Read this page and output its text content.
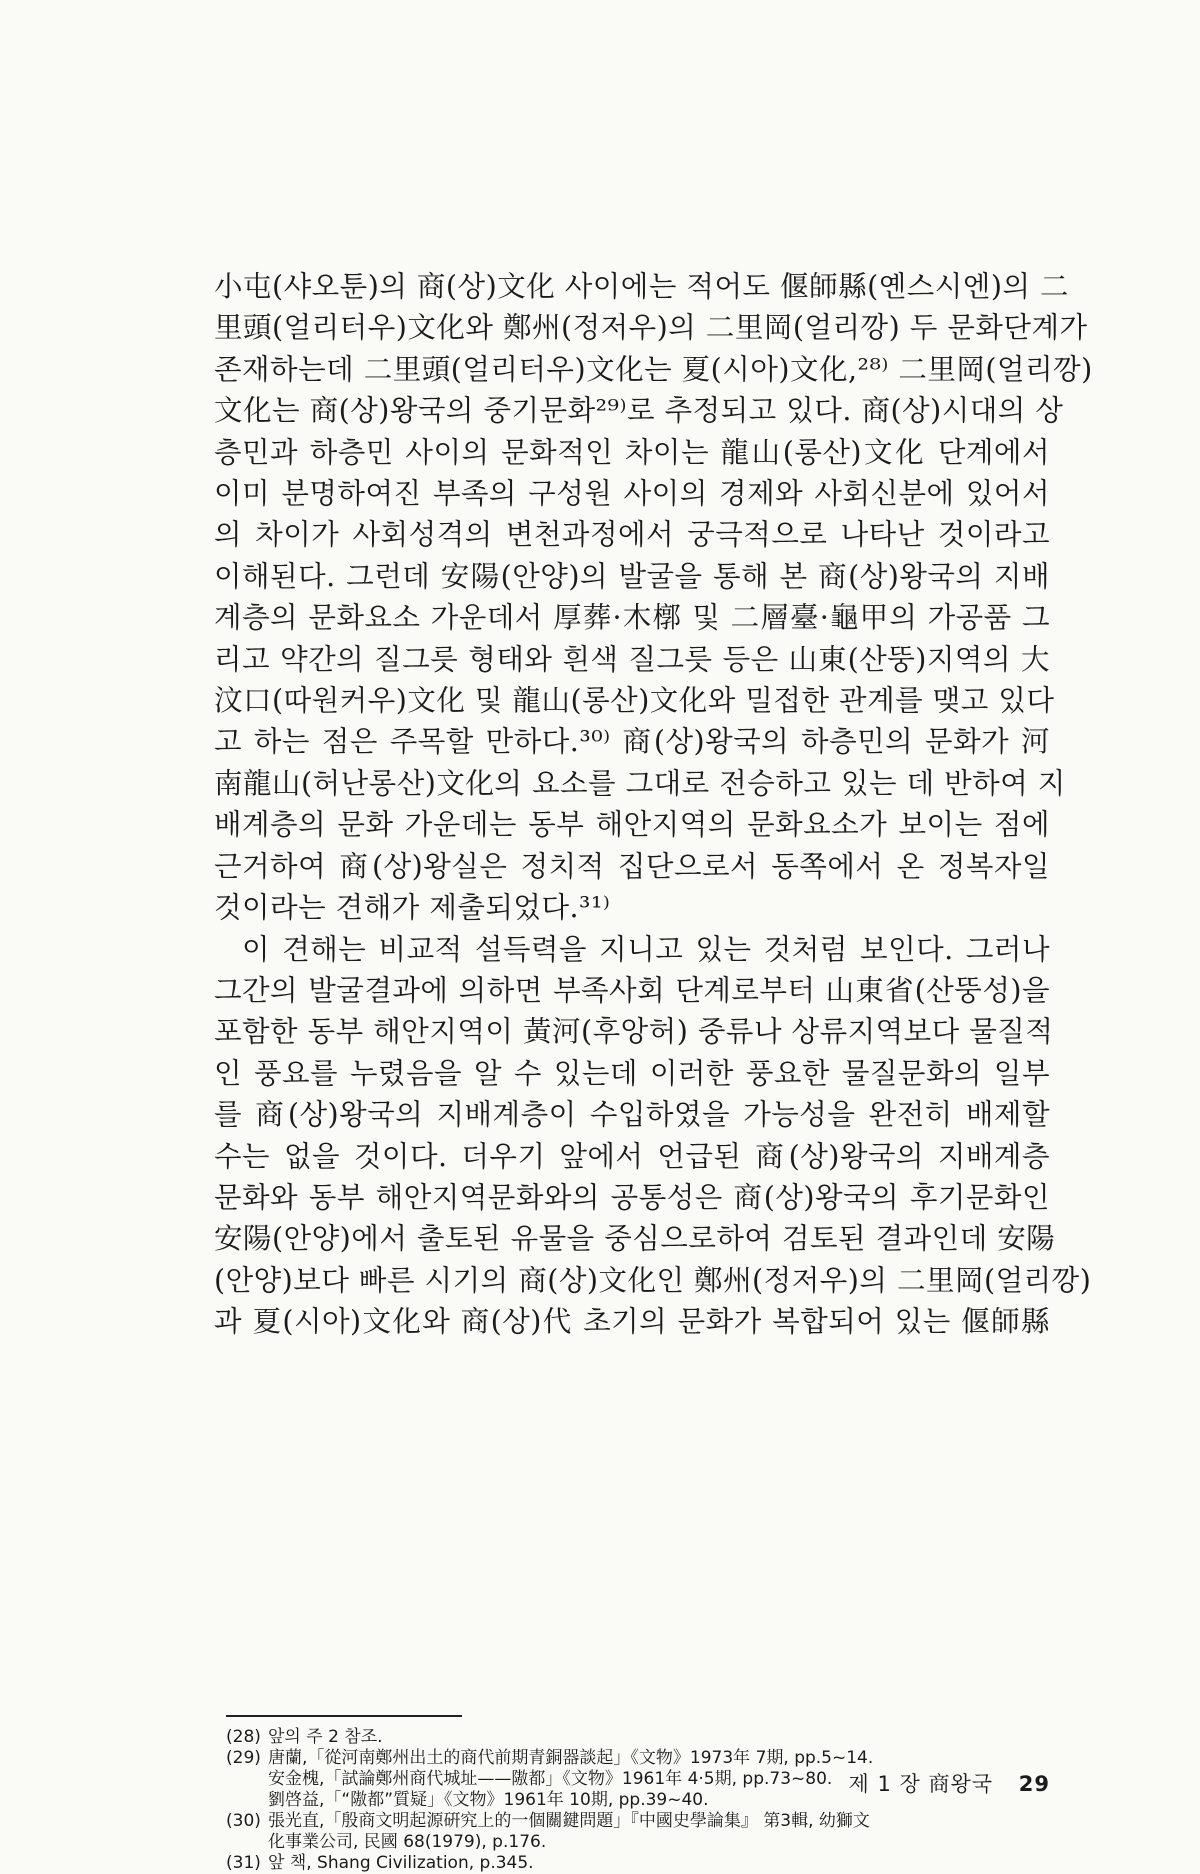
小屯(샤오툰)의 商(상)文化 사이에는 적어도 偃師縣(옌스시엔)의 二
里頭(얼리터우)文化와 鄭州(정저우)의 二里岡(얼리깡) 두 문화단계가
존재하는데 二里頭(얼리터우)文化는 夏(시아)文化,²⁸⁾ 二里岡(얼리깡)
文化는 商(상)왕국의 중기문화²⁹⁾로 추정되고 있다. 商(상)시대의 상
층민과 하층민 사이의 문화적인 차이는 龍山(롱산)文化 단계에서
이미 분명하여진 부족의 구성원 사이의 경제와 사회신분에 있어서
의 차이가 사회성격의 변천과정에서 궁극적으로 나타난 것이라고
이해된다. 그런데 安陽(안양)의 발굴을 통해 본 商(상)왕국의 지배
계층의 문화요소 가운데서 厚葬·木槨 및 二層臺·龜甲의 가공품 그
리고 약간의 질그릇 형태와 흰색 질그릇 등은 山東(산뚱)지역의 大
汶口(따원커우)文化 및 龍山(롱산)文化와 밀접한 관계를 맺고 있다
고 하는 점은 주목할 만하다.³⁰⁾ 商(상)왕국의 하층민의 문화가 河
南龍山(허난롱산)文化의 요소를 그대로 전승하고 있는 데 반하여 지
배계층의 문화 가운데는 동부 해안지역의 문화요소가 보이는 점에
근거하여 商(상)왕실은 정치적 집단으로서 동쪽에서 온 정복자일
것이라는 견해가 제출되었다.³¹⁾
이 견해는 비교적 설득력을 지니고 있는 것처럼 보인다. 그러나
그간의 발굴결과에 의하면 부족사회 단계로부터 山東省(산뚱성)을
포함한 동부 해안지역이 黃河(후앙허) 중류나 상류지역보다 물질적
인 풍요를 누렸음을 알 수 있는데 이러한 풍요한 물질문화의 일부
를 商(상)왕국의 지배계층이 수입하였을 가능성을 완전히 배제할
수는 없을 것이다. 더우기 앞에서 언급된 商(상)왕국의 지배계층
문화와 동부 해안지역문화와의 공통성은 商(상)왕국의 후기문화인
安陽(안양)에서 출토된 유물을 중심으로하여 검토된 결과인데 安陽
(안양)보다 빠른 시기의 商(상)文化인 鄭州(정저우)의 二里岡(얼리깡)
과 夏(시아)文化와 商(상)代 초기의 문화가 복합되어 있는 偃師縣
(28) 앞의 주 2 참조.
(29) 唐蘭,「從河南鄭州出土的商代前期青銅器談起」《文物》1973年 7期, pp.5~14.
安金槐,「試論鄭州商代城址——隞都」《文物》1961年 4·5期, pp.73~80.
劉啓益,「“隞都”質疑」《文物》1961年 10期, pp.39~40.
(30) 張光直,「殷商文明起源硏究上的一個關鍵問題」『中國史學論集』 第3輯, 幼獅文
化事業公司, 民國 68(1979), p.176.
(31) 앞 책, Shang Civilization, p.345.
제 1 장 商왕국 29
